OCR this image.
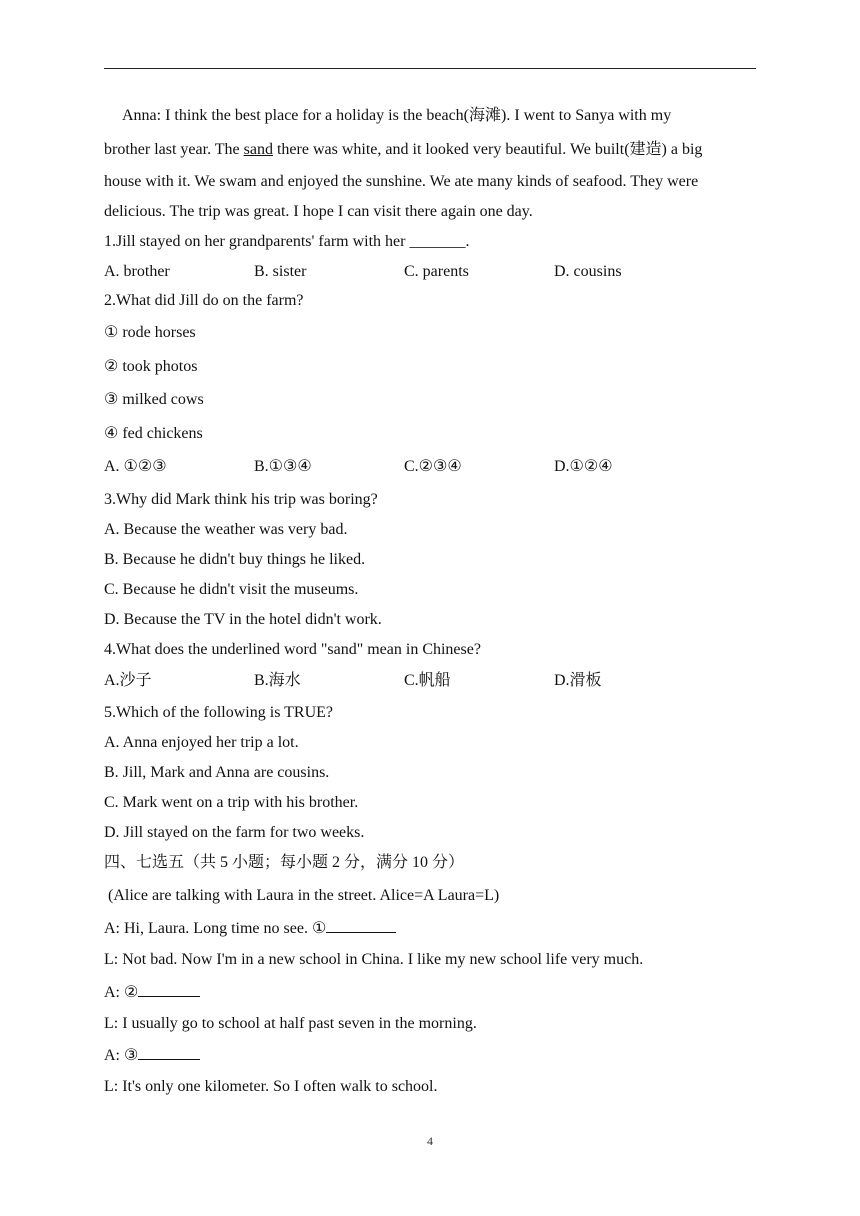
Anna: I think the best place for a holiday is the beach(海滩). I went to Sanya with my
brother last year. The sand there was white, and it looked very beautiful. We built(建造) a big
house with it. We swam and enjoyed the sunshine. We ate many kinds of seafood. They were
delicious. The trip was great. I hope I can visit there again one day.
1.Jill stayed on her grandparents' farm with her _______.
A. brother	B. sister	C. parents	D. cousins
2.What did Jill do on the farm?
① rode horses
② took photos
③ milked cows
④ fed chickens
A. ①②③	B.①③④	C.②③④	D.①②④
3.Why did Mark think his trip was boring?
A. Because the weather was very bad.
B. Because he didn't buy things he liked.
C. Because he didn't visit the museums.
D. Because the TV in the hotel didn't work.
4.What does the underlined word "sand" mean in Chinese?
A.沙子	B.海水	C.帆船	D.滑板
5.Which of the following is TRUE?
A. Anna enjoyed her trip a lot.
B. Jill, Mark and Anna are cousins.
C. Mark went on a trip with his brother.
D. Jill stayed on the farm for two weeks.
四、七选五（共 5 小题；每小题 2 分，满分 10 分）
(Alice are talking with Laura in the street. Alice=A Laura=L)
A: Hi, Laura. Long time no see. ①
L: Not bad. Now I'm in a new school in China. I like my new school life very much.
A: ②
L: I usually go to school at half past seven in the morning.
A: ③
L: It's only one kilometer. So I often walk to school.
4
